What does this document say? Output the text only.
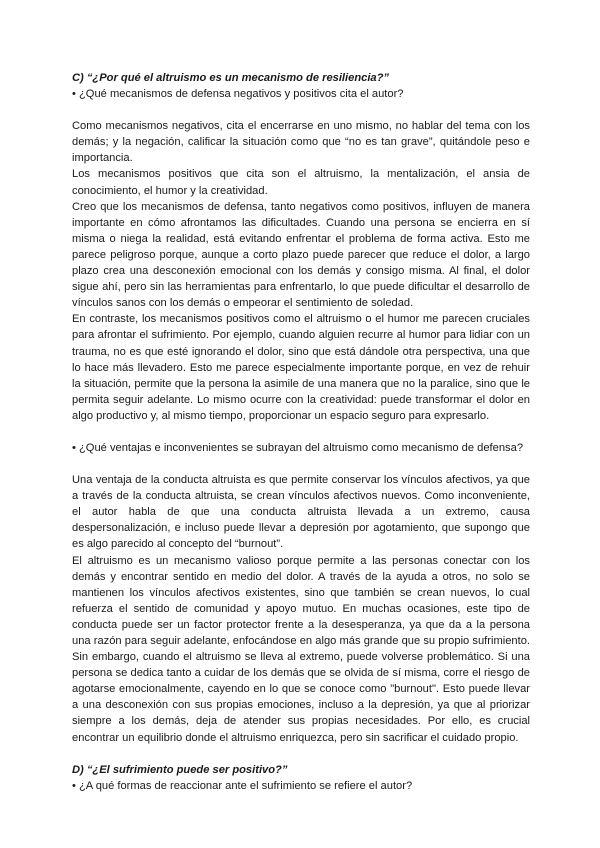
C) “¿Por qué el altruismo es un mecanismo de resiliencia?”

• ¿Qué mecanismos de defensa negativos y positivos cita el autor?

Como mecanismos negativos, cita el encerrarse en uno mismo, no hablar del tema con los demás; y la negación, calificar la situación como que “no es tan grave”, quitándole peso e importancia.

Los mecanismos positivos que cita son el altruismo, la mentalización, el ansia de conocimiento, el humor y la creatividad.

Creo que los mecanismos de defensa, tanto negativos como positivos, influyen de manera importante en cómo afrontamos las dificultades. Cuando una persona se encierra en sí misma o niega la realidad, está evitando enfrentar el problema de forma activa. Esto me parece peligroso porque, aunque a corto plazo puede parecer que reduce el dolor, a largo plazo crea una desconexión emocional con los demás y consigo misma. Al final, el dolor sigue ahí, pero sin las herramientas para enfrentarlo, lo que puede dificultar el desarrollo de vínculos sanos con los demás o empeorar el sentimiento de soledad.

En contraste, los mecanismos positivos como el altruismo o el humor me parecen cruciales para afrontar el sufrimiento. Por ejemplo, cuando alguien recurre al humor para lidiar con un trauma, no es que esté ignorando el dolor, sino que está dándole otra perspectiva, una que lo hace más llevadero. Esto me parece especialmente importante porque, en vez de rehuir la situación, permite que la persona la asimile de una manera que no la paralice, sino que le permita seguir adelante. Lo mismo ocurre con la creatividad: puede transformar el dolor en algo productivo y, al mismo tiempo, proporcionar un espacio seguro para expresarlo.

• ¿Qué ventajas e inconvenientes se subrayan del altruismo como mecanismo de defensa?

Una ventaja de la conducta altruista es que permite conservar los vínculos afectivos, ya que a través de la conducta altruista, se crean vínculos afectivos nuevos. Como inconveniente, el autor habla de que una conducta altruista llevada a un extremo, causa despersonalización, e incluso puede llevar a depresión por agotamiento, que supongo que es algo parecido al concepto del “burnout”.

El altruismo es un mecanismo valioso porque permite a las personas conectar con los demás y encontrar sentido en medio del dolor. A través de la ayuda a otros, no solo se mantienen los vínculos afectivos existentes, sino que también se crean nuevos, lo cual refuerza el sentido de comunidad y apoyo mutuo. En muchas ocasiones, este tipo de conducta puede ser un factor protector frente a la desesperanza, ya que da a la persona una razón para seguir adelante, enfocándose en algo más grande que su propio sufrimiento. Sin embargo, cuando el altruismo se lleva al extremo, puede volverse problemático. Si una persona se dedica tanto a cuidar de los demás que se olvida de sí misma, corre el riesgo de agotarse emocionalmente, cayendo en lo que se conoce como "burnout". Esto puede llevar a una desconexión con sus propias emociones, incluso a la depresión, ya que al priorizar siempre a los demás, deja de atender sus propias necesidades. Por ello, es crucial encontrar un equilibrio donde el altruismo enriquezca, pero sin sacrificar el cuidado propio.

D) “¿El sufrimiento puede ser positivo?”

• ¿A qué formas de reaccionar ante el sufrimiento se refiere el autor?
